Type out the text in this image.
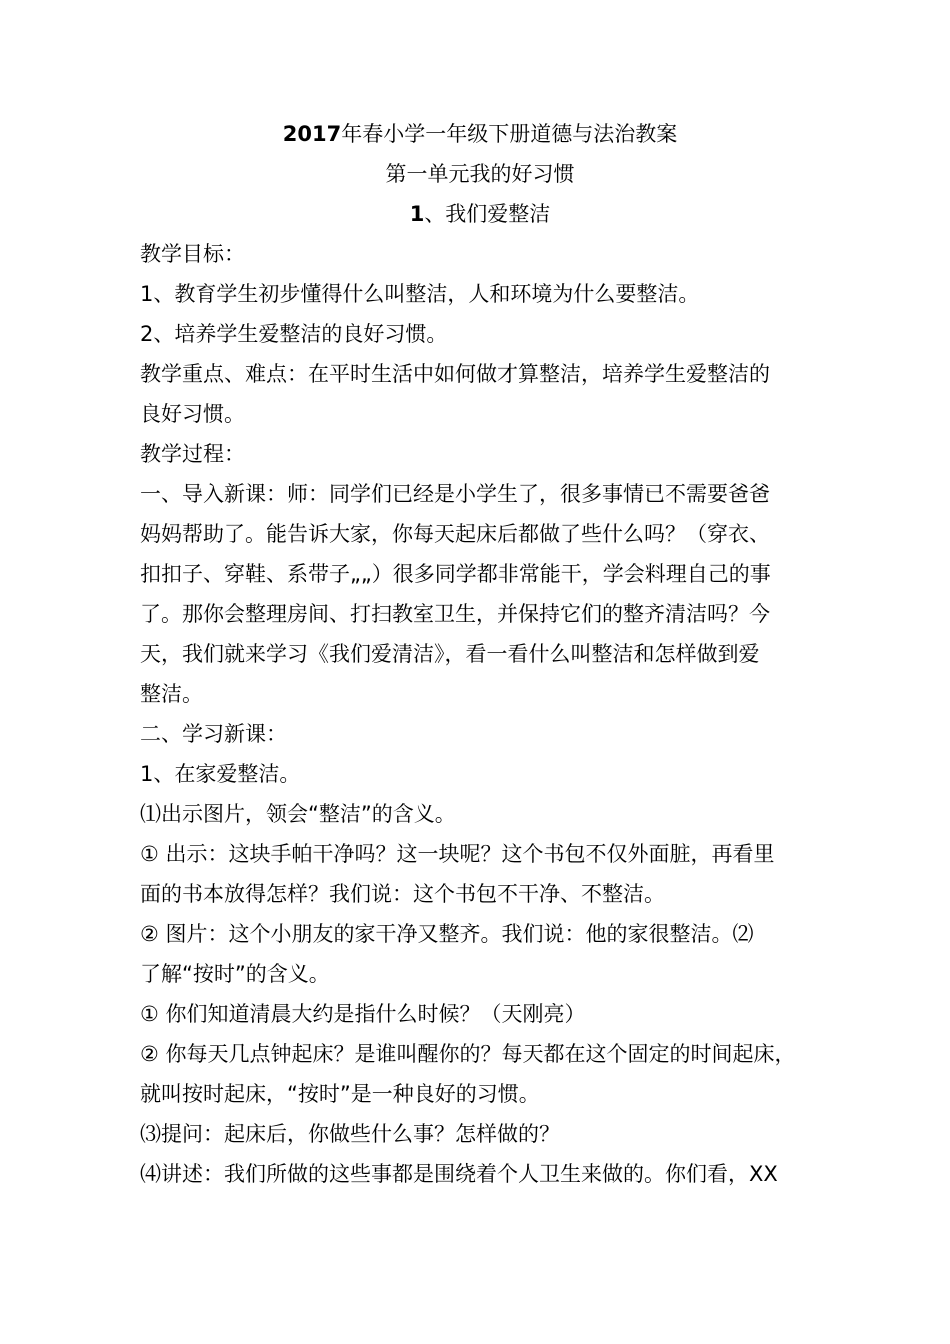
2017年春小学一年级下册道德与法治教案
第一单元我的好习惯
1、我们爱整洁

教学目标：

1、教育学生初步懂得什么叫整洁，人和环境为什么要整洁。

2、培养学生爱整洁的良好习惯。

教学重点、难点：在平时生活中如何做才算整洁，培养学生爱整洁的

良好习惯。

教学过程：

一、导入新课：师：同学们已经是小学生了，很多事情已不需要爸爸

妈妈帮助了。能告诉大家，你每天起床后都做了些什么吗？（穿衣、

扣扣子、穿鞋、系带子„„）很多同学都非常能干，学会料理自己的事

了。那你会整理房间、打扫教室卫生，并保持它们的整齐清洁吗？今

天，我们就来学习《我们爱清洁》，看一看什么叫整洁和怎样做到爱

整洁。

二、学习新课：

1、在家爱整洁。

⑴出示图片，领会“整洁”的含义。

① 出示：这块手帕干净吗？这一块呢？这个书包不仅外面脏，再看里

面的书本放得怎样？我们说：这个书包不干净、不整洁。

② 图片：这个小朋友的家干净又整齐。我们说：他的家很整洁。⑵

了解“按时”的含义。

① 你们知道清晨大约是指什么时候？（天刚亮）

② 你每天几点钟起床？是谁叫醒你的？每天都在这个固定的时间起床，

就叫按时起床，“按时”是一种良好的习惯。

⑶提问：起床后，你做些什么事？怎样做的？

⑷讲述：我们所做的这些事都是围绕着个人卫生来做的。你们看，XX
